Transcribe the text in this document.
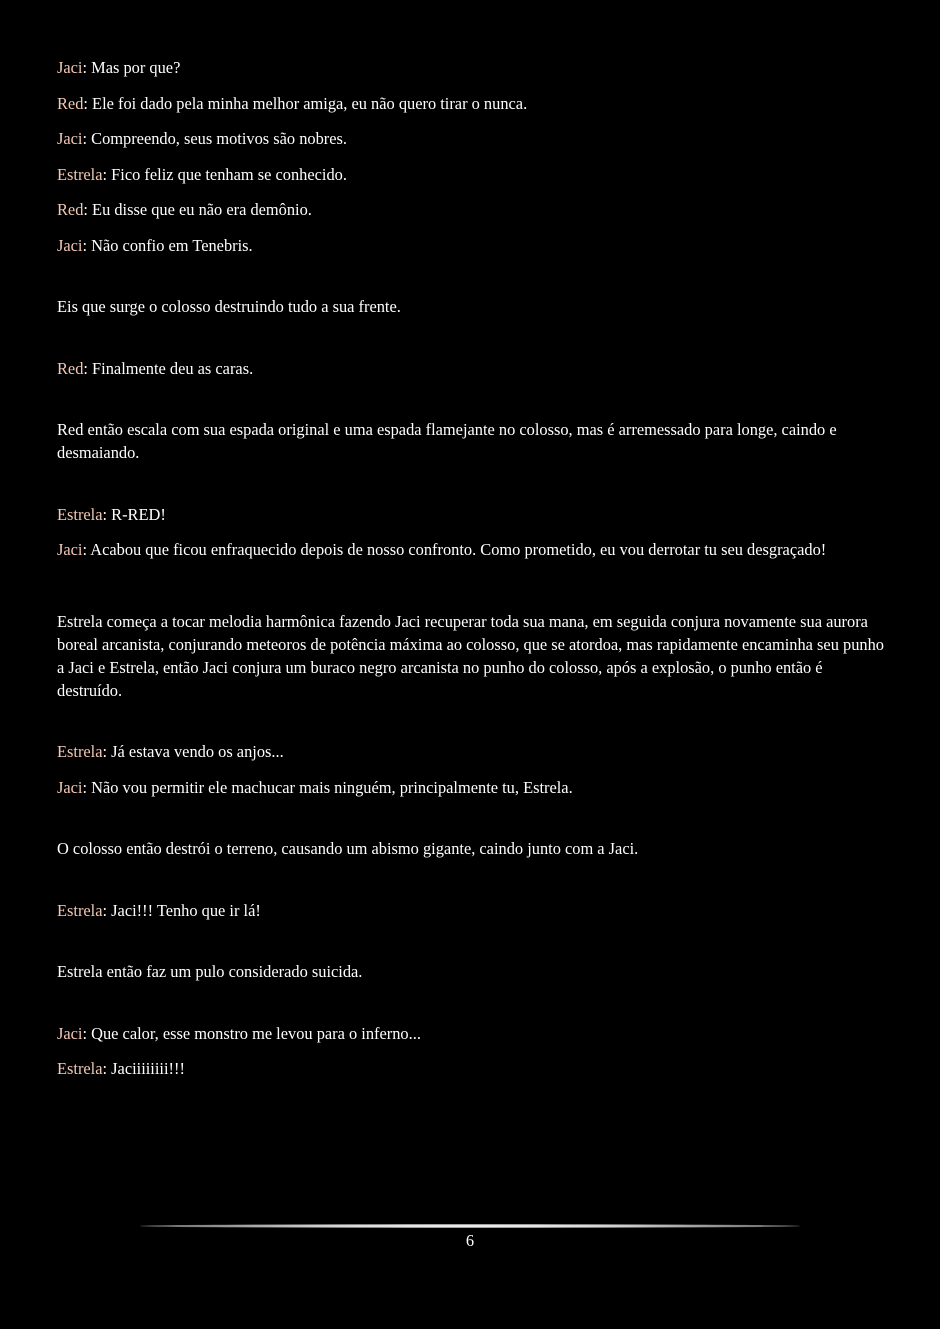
Jaci: Mas por que?

Red: Ele foi dado pela minha melhor amiga, eu não quero tirar o nunca.

Jaci: Compreendo, seus motivos são nobres.

Estrela: Fico feliz que tenham se conhecido.

Red: Eu disse que eu não era demônio.

Jaci: Não confio em Tenebris.

Eis que surge o colosso destruindo tudo a sua frente.

Red: Finalmente deu as caras.

Red então escala com sua espada original e uma espada flamejante no colosso, mas é arremessado para longe, caindo e desmaiando.

Estrela: R-RED!

Jaci: Acabou que ficou enfraquecido depois de nosso confronto. Como prometido, eu vou derrotar tu seu desgraçado!

Estrela começa a tocar melodia harmônica fazendo Jaci recuperar toda sua mana, em seguida conjura novamente sua aurora boreal arcanista, conjurando meteoros de potência máxima ao colosso, que se atordoa, mas rapidamente encaminha seu punho a Jaci e Estrela, então Jaci conjura um buraco negro arcanista no punho do colosso, após a explosão, o punho então é destruído.

Estrela: Já estava vendo os anjos...

Jaci: Não vou permitir ele machucar mais ninguém, principalmente tu, Estrela.

O colosso então destrói o terreno, causando um abismo gigante, caindo junto com a Jaci.

Estrela: Jaci!!! Tenho que ir lá!

Estrela então faz um pulo considerado suicida.

Jaci: Que calor, esse monstro me levou para o inferno...

Estrela: Jaciiiiiiii!!!

6
